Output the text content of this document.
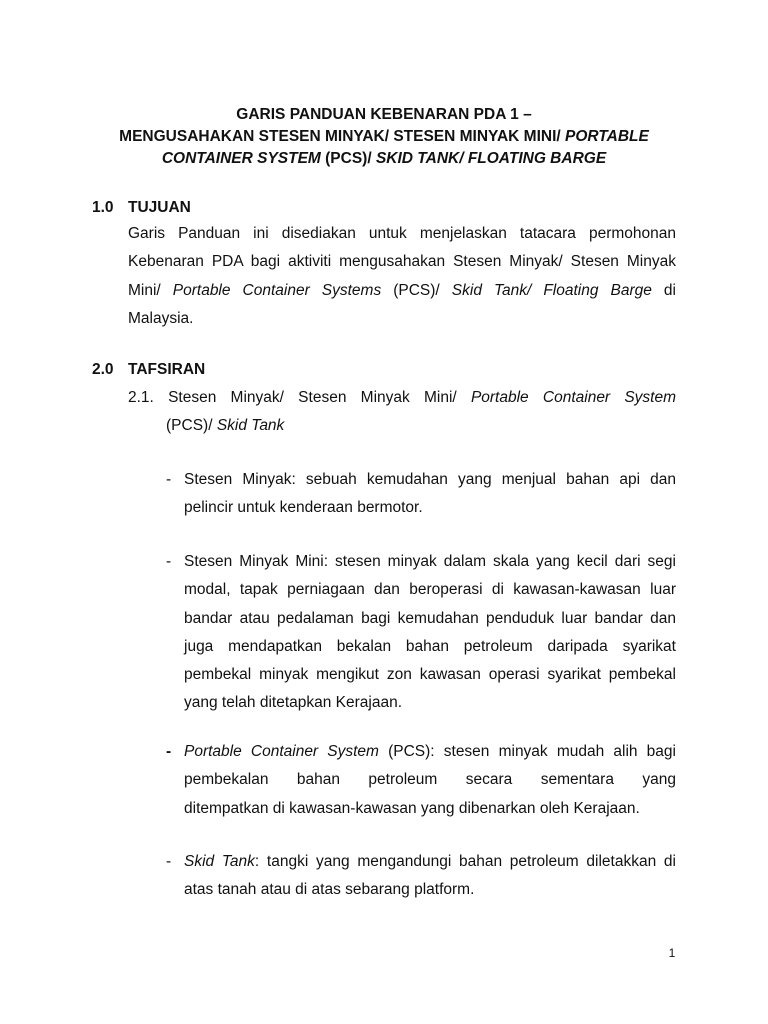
GARIS PANDUAN KEBENARAN PDA 1 –
MENGUSAHAKAN STESEN MINYAK/ STESEN MINYAK MINI/ PORTABLE
CONTAINER SYSTEM (PCS)/ SKID TANK/ FLOATING BARGE
1.0 TUJUAN
Garis Panduan ini disediakan untuk menjelaskan tatacara permohonan Kebenaran PDA bagi aktiviti mengusahakan Stesen Minyak/ Stesen Minyak Mini/ Portable Container Systems (PCS)/ Skid Tank/ Floating Barge di Malaysia.
2.0 TAFSIRAN
2.1. Stesen Minyak/ Stesen Minyak Mini/ Portable Container System
(PCS)/ Skid Tank
- Stesen Minyak: sebuah kemudahan yang menjual bahan api dan pelincir untuk kenderaan bermotor.
- Stesen Minyak Mini: stesen minyak dalam skala yang kecil dari segi modal, tapak perniagaan dan beroperasi di kawasan-kawasan luar bandar atau pedalaman bagi kemudahan penduduk luar bandar dan juga mendapatkan bekalan bahan petroleum daripada syarikat pembekal minyak mengikut zon kawasan operasi syarikat pembekal yang telah ditetapkan Kerajaan.
- Portable Container System (PCS): stesen minyak mudah alih bagi
pembekalan bahan petroleum secara sementara yang
ditempatkan di kawasan-kawasan yang dibenarkan oleh Kerajaan.
- Skid Tank: tangki yang mengandungi bahan petroleum diletakkan di atas tanah atau di atas sebarang platform.
1
